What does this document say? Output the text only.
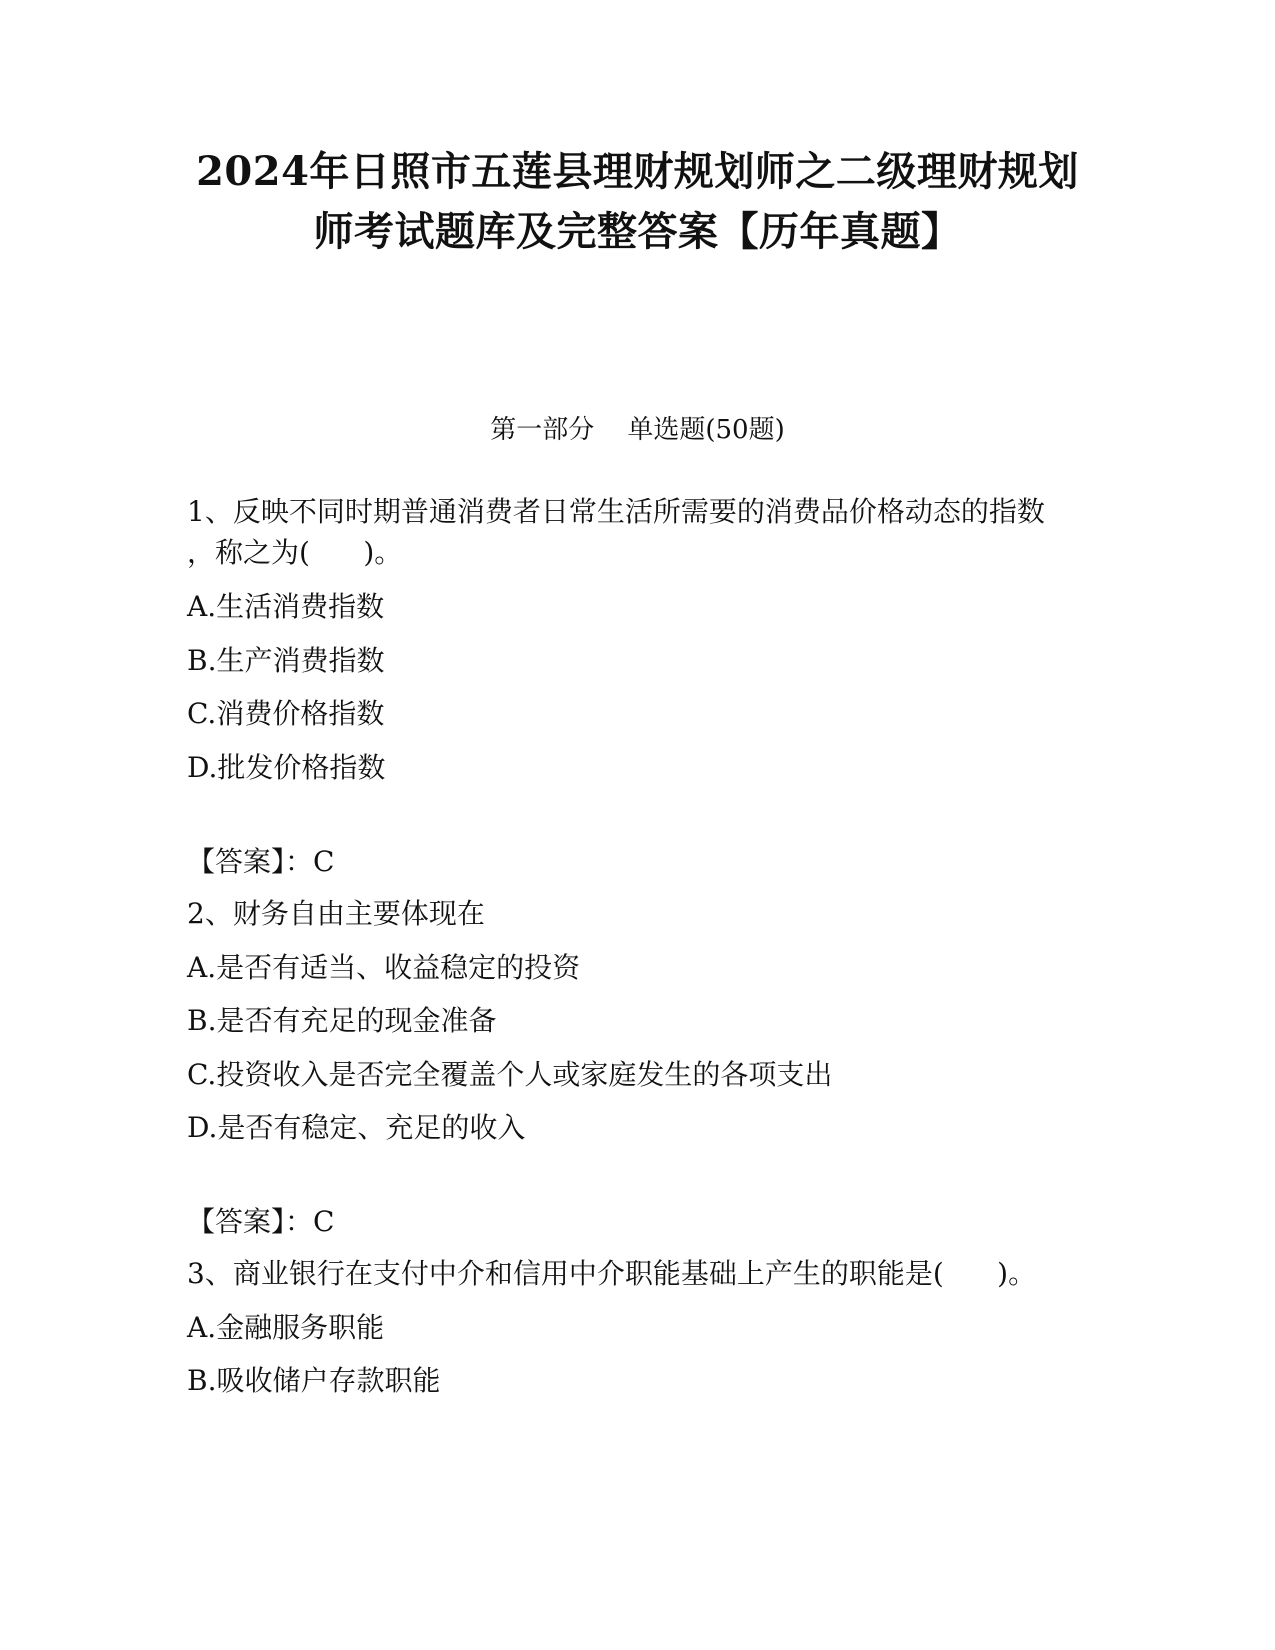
2024年日照市五莲县理财规划师之二级理财规划
师考试题库及完整答案【历年真题】
第一部分    单选题(50题)
1、反映不同时期普通消费者日常生活所需要的消费品价格动态的指数
，称之为(      )。
A.生活消费指数
B.生产消费指数
C.消费价格指数
D.批发价格指数
【答案】：C
2、财务自由主要体现在
A.是否有适当、收益稳定的投资
B.是否有充足的现金准备
C.投资收入是否完全覆盖个人或家庭发生的各项支出
D.是否有稳定、充足的收入
【答案】：C
3、商业银行在支付中介和信用中介职能基础上产生的职能是(      )。
A.金融服务职能
B.吸收储户存款职能
